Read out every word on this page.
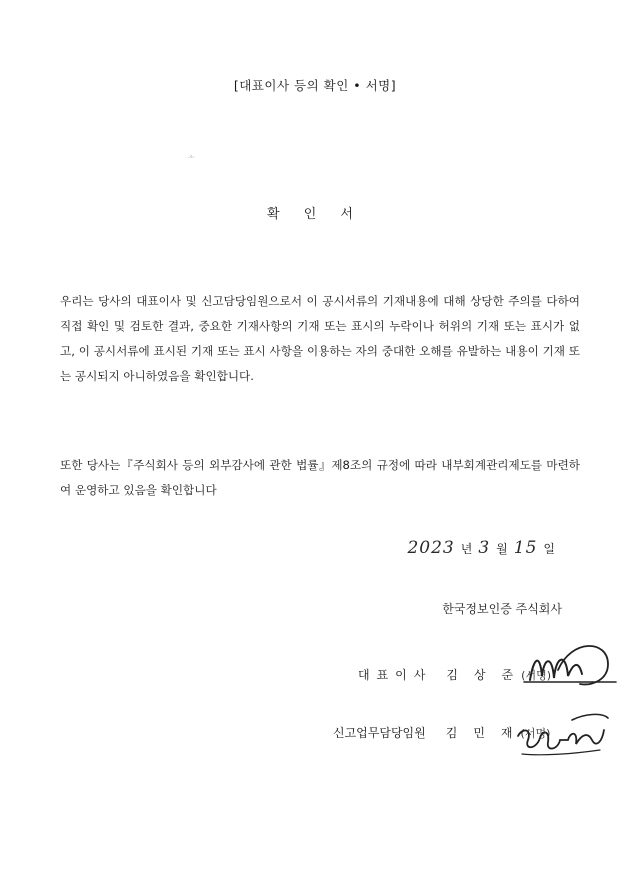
[대표이사 등의 확인 • 서명]
·°·
확 인 서

우리는 당사의 대표이사 및 신고담당임원으로서 이 공시서류의 기재내용에 대해 상당한 주의를 다하여 직접 확인 및 검토한 결과, 중요한 기재사항의 기재 또는 표시의 누락이나 허위의 기재 또는 표시가 없고, 이 공시서류에 표시된 기재 또는 표시 사항을 이용하는 자의 중대한 오해를 유발하는 내용이 기재 또는 공시되지 아니하였음을 확인합니다.

또한 당사는『주식회사 등의 외부감사에 관한 법률』제8조의 규정에 따라 내부회계관리제도를 마련하여 운영하고 있음을 확인합니다

2023 년 3 월 15 일
한국정보인증 주식회사
대표이사 김상준
(서명)
신고업무담당임원 김민재
(서명)
